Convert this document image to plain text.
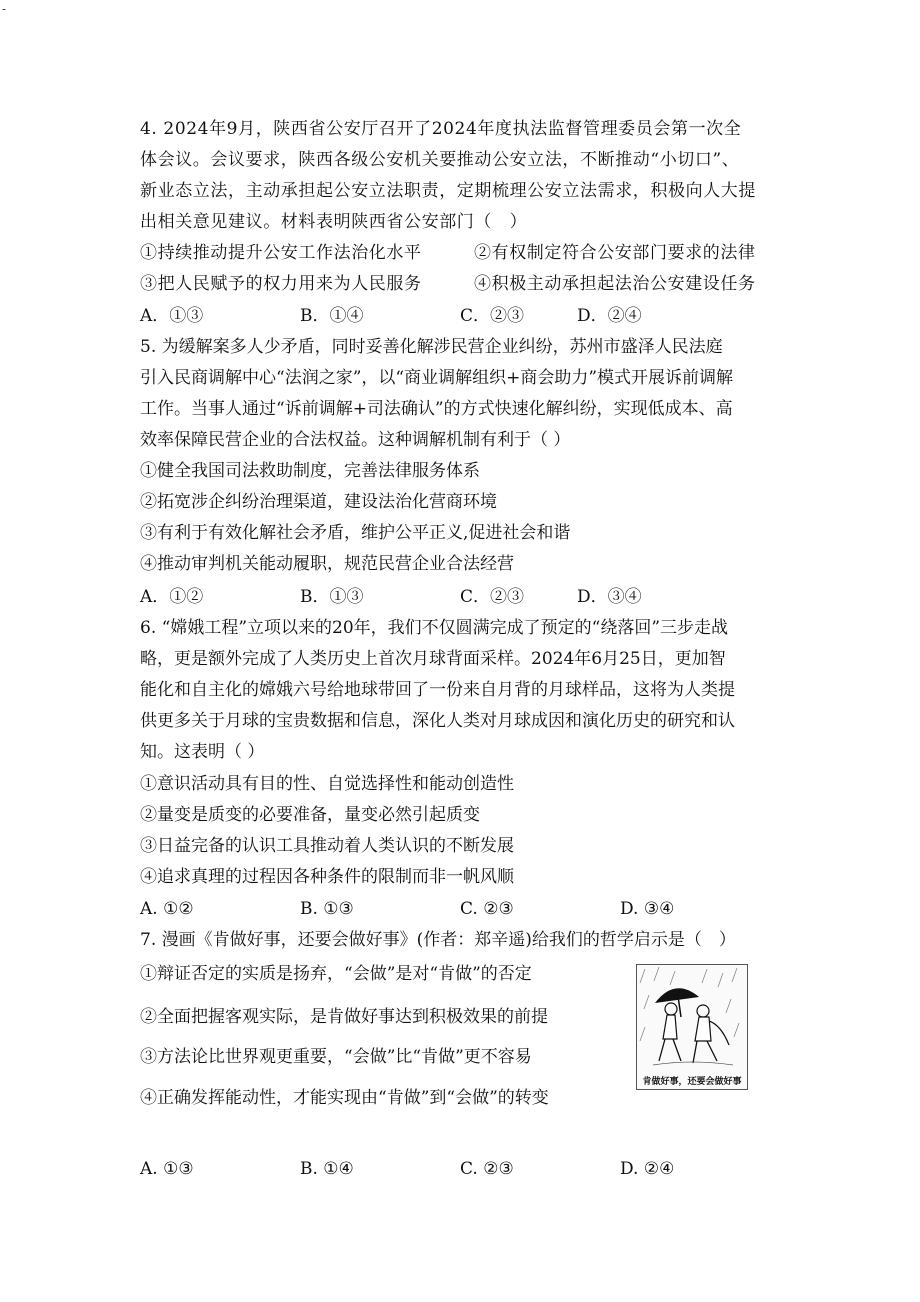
-
4. 2024年9月，陕西省公安厅召开了2024年度执法监督管理委员会第一次全
体会议。会议要求，陕西各级公安机关要推动公安立法，不断推动“小切口”、
新业态立法，主动承担起公安立法职责，定期梳理公安立法需求，积极向人大提
出相关意见建议。材料表明陕西省公安部门（　）
①持续推动提升公安工作法治化水平	②有权制定符合公安部门要求的法律
③把人民赋予的权力用来为人民服务	④积极主动承担起法治公安建设任务
A．①③	B．①④	C．②③	D．②④
5. 为缓解案多人少矛盾，同时妥善化解涉民营企业纠纷，苏州市盛泽人民法庭
引入民商调解中心“法润之家”，以“商业调解组织+商会助力”模式开展诉前调解
工作。当事人通过“诉前调解+司法确认”的方式快速化解纠纷，实现低成本、高
效率保障民营企业的合法权益。这种调解机制有利于（ ）
①健全我国司法救助制度，完善法律服务体系
②拓宽涉企纠纷治理渠道，建设法治化营商环境
③有利于有效化解社会矛盾，维护公平正义,促进社会和谐
④推动审判机关能动履职，规范民营企业合法经营
A．①②	B．①③	C．②③	D．③④
6. “嫦娥工程”立项以来的20年，我们不仅圆满完成了预定的“绕落回”三步走战
略，更是额外完成了人类历史上首次月球背面采样。2024年6月25日，更加智
能化和自主化的嫦娥六号给地球带回了一份来自月背的月球样品，这将为人类提
供更多关于月球的宝贵数据和信息，深化人类对月球成因和演化历史的研究和认
知。这表明（ ）
①意识活动具有目的性、自觉选择性和能动创造性
②量变是质变的必要准备，量变必然引起质变
③日益完备的认识工具推动着人类认识的不断发展
④追求真理的过程因各种条件的限制而非一帆风顺
A. ①②	B. ①③	C. ②③	D. ③④
7. 漫画《肯做好事，还要会做好事》(作者：郑辛遥)给我们的哲学启示是（　）
①辩证否定的实质是扬弃，“会做”是对“肯做”的否定
②全面把握客观实际，是肯做好事达到积极效果的前提
③方法论比世界观更重要，“会做”比“肯做”更不容易
④正确发挥能动性，才能实现由“肯做”到“会做”的转变
肯做好事，还要会做好事
A. ①③	B. ①④	C. ②③	D. ②④
